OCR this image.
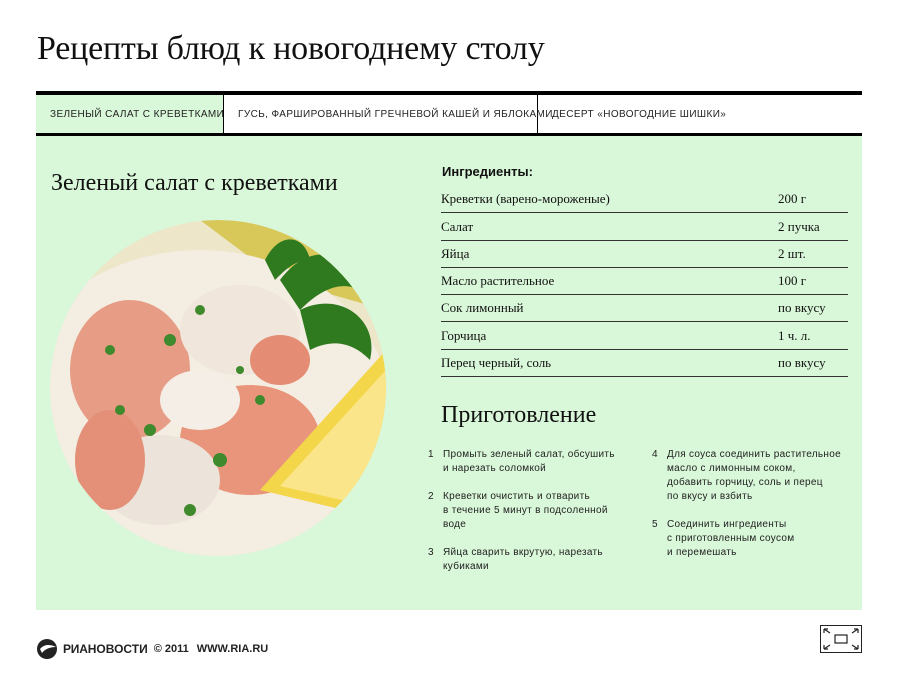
Рецепты блюд к новогоднему столу
ЗЕЛЕНЫЙ САЛАТ С КРЕВЕТКАМИ	ГУСЬ, ФАРШИРОВАННЫЙ ГРЕЧНЕВОЙ КАШЕЙ И ЯБЛОКАМИ ДЕСЕРТ «НОВОГОДНИЕ ШИШКИ»
Зеленый салат с креветками	Ингредиенты:
Креветки (варено-мороженые)	200 г
Салат	2 пучка
Яйца	2 шт.
Масло растительное	100 г
Сок лимонный	по вкусу
Горчица	1 ч. л.
Перец черный, соль	по вкусу
Приготовление
1 Промыть зеленый салат, обсушить
и нарезать соломкой
2 Креветки очистить и отварить
в течение 5 минут в подсоленной
воде
3 Яйца сварить вкрутую, нарезать
кубиками
4 Для соуса соединить растительное
масло с лимонным соком,
добавить горчицу, соль и перец
по вкусу и взбить
5 Соединить ингредиенты
с приготовленным соусом
и перемешать
РИА НОВОСТИ © 2011 WWW.RIA.RU
